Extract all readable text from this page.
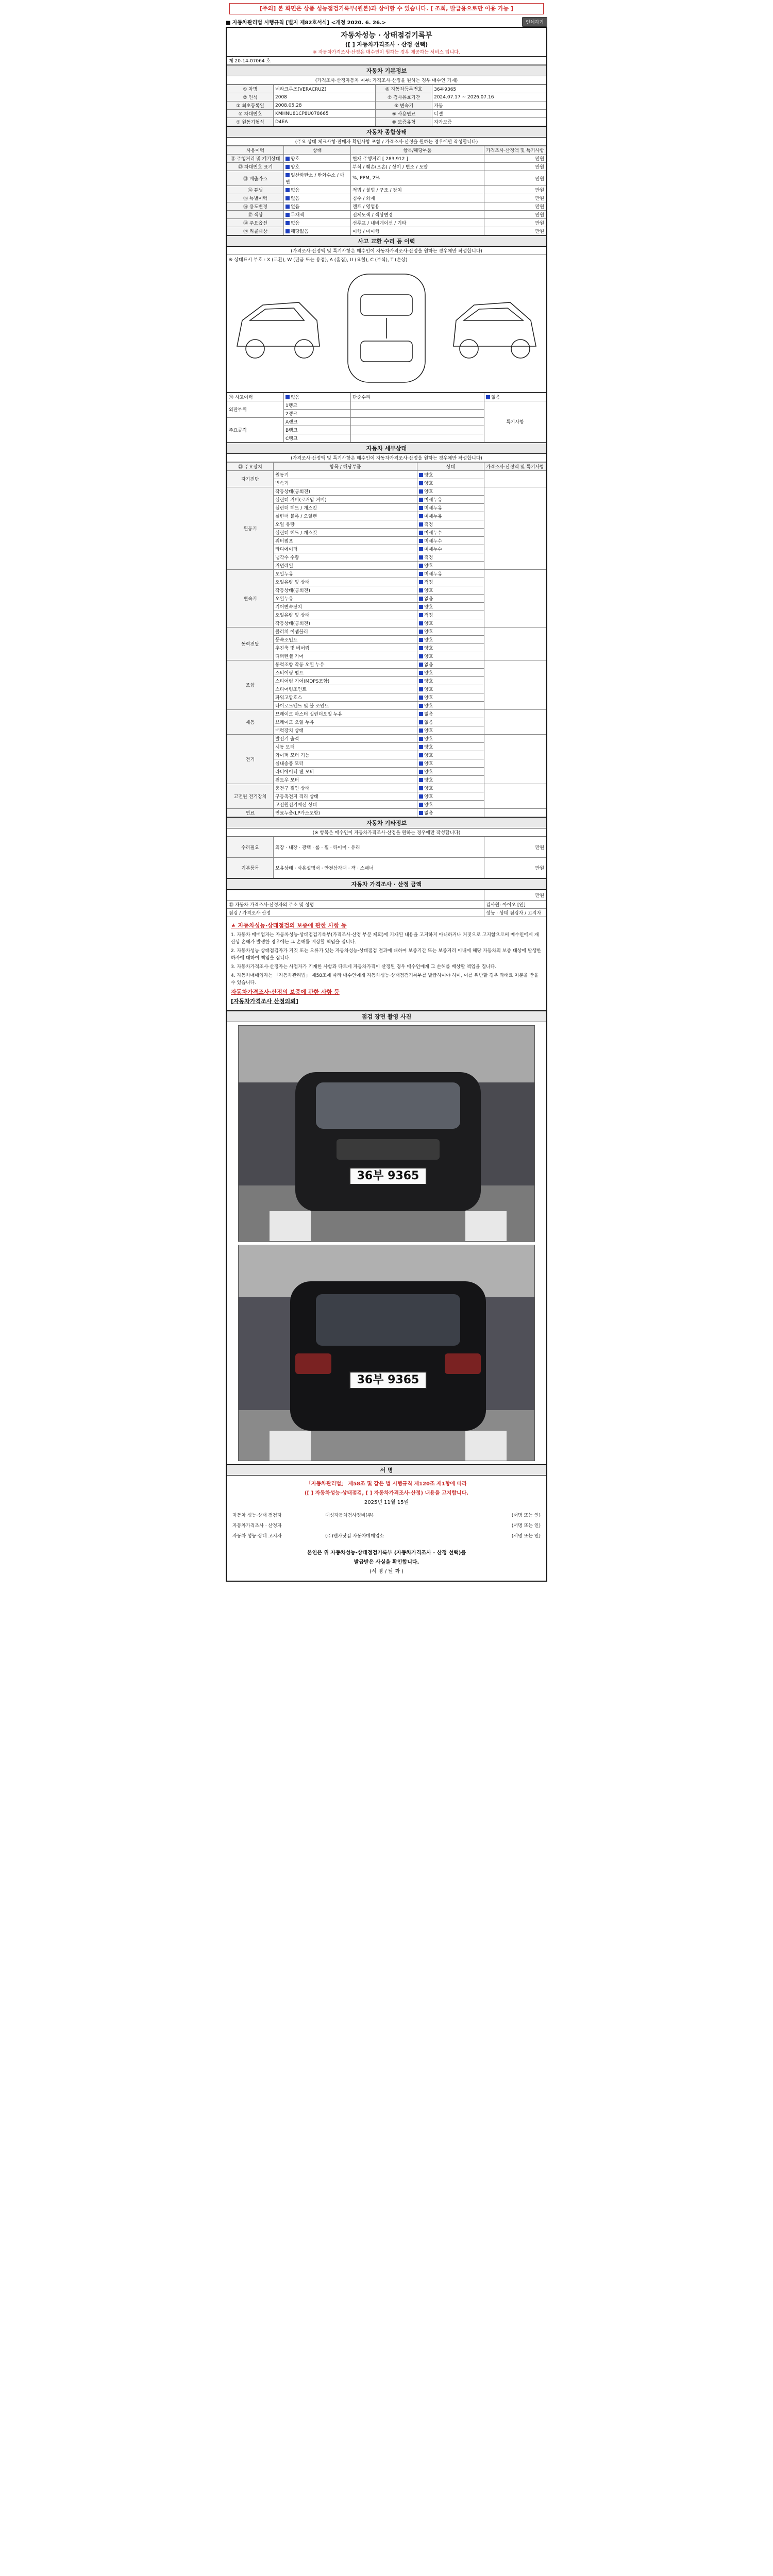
[주의] 본 화면은 상품 성능점검기록부(원본)과 상이할 수 있습니다. [ 조회, 발급용으로만 이용 가능 ]
■ 자동차관리법 시행규칙 [별지 제82호서식] <개정 2020. 6. 26.>	인쇄하기
자동차성능 · 상태점검기록부
([ ] 자동차가격조사 · 산정 선택)
※ 자동차가격조사·산정은 매수인이 원하는 경우 제공하는 서비스 입니다.
제 20-14-07064 호
자동차 기본정보
(가격조사·산정자동차 여부: 가격조사·산정을 원하는 경우 매수인 기재)
① 차명	베라크루즈(VERACRUZ)	⑥ 자동차등록번호	36부9365
② 연식	2008	⑦ 검사유효기간	2024.07.17 ~ 2026.07.16
③ 최초등록일	2008.05.28	⑧ 변속기	자동
④ 차대번호	KMHNU81CP8U078665	⑨ 사용연료	디젤
⑤ 원동기형식	D4EA	⑩ 보증유형	자가보증
자동차 종합상태
(주요 상태 체크사항·판매자 확인사항 포함 / 가격조사·산정을 원하는 경우에만 작성합니다)
사용이력	상태	항목/해당부품	가격조사·산정액 및 특기사항
⑪ 주행거리 및 계기상태	양호	현재 주행거리 [ 283,912 ]	만원
⑫ 차대번호 표기	양호	부식 / 훼손(오손) / 상이 / 변조 / 도말	만원
⑬ 배출가스	일산화탄소 / 탄화수소 / 매연	%, PPM, 2%	만원
⑭ 튜닝	없음	적법 / 불법 / 구조 / 장치	만원
⑮ 특별이력	없음	침수 / 화재	만원
⑯ 용도변경	없음	렌트 / 영업용	만원
⑰ 색상	무채색	전체도색 / 색상변경	만원
⑱ 주요옵션	없음	선루프 / 내비게이션 / 기타	만원
⑲ 리콜대상	해당없음	이행 / 미이행	만원
사고 교환 수리 등 이력
(가격조사·산정액 및 특기사항은 매수인이 자동차가격조사·산정을 원하는 경우에만 작성합니다)
※ 상태표시 부호 : X (교환), W (판금 또는 용접), A (흠집), U (요철), C (부식), T (손상)
⑳ 사고이력	없음	단순수리	없음
외판부위	1랭크		특기사항
	2랭크		
주요골격	A랭크		
	B랭크		
	C랭크		
자동차 세부상태
(가격조사·산정액 및 특기사항은 매수인이 자동차가격조사·산정을 원하는 경우에만 작성합니다)
㉒ 주요장치	항목 / 해당부품	상태	가격조사·산정액 및 특기사항
자기진단	원동기	양호	
	변속기	양호	
원동기	작동상태(공회전)	양호	
	실린더 커버(로커암 커버)	미세누유	
	실린더 헤드 / 개스킷	미세누유	
	실린더 블록 / 오일팬	미세누유	
	오일 유량	적정	
	실린더 헤드 / 개스킷	미세누수	
	워터펌프	미세누수	
	라디에이터	미세누수	
	냉각수 수량	적정	
	커먼레일	양호	
변속기	오일누유	미세누유	
	오일유량 및 상태	적정	
	작동상태(공회전)	양호	
	오일누유	없음	
	기어변속장치	양호	
	오일유량 및 상태	적정	
	작동상태(공회전)	양호	
동력전달	클러치 어셈블리	양호	
	등속조인트	양호	
	추진축 및 베어링	양호	
	디퍼렌셜 기어	양호	
조향	동력조향 작동 오일 누유	없음	
	스티어링 펌프	양호	
	스티어링 기어(MDPS포함)	양호	
	스티어링조인트	양호	
	파워고압호스	양호	
	타이로드엔드 및 볼 조인트	양호	
제동	브레이크 마스터 실린더오일 누유	없음	
	브레이크 오일 누유	없음	
	배력장치 상태	양호	
전기	발전기 출력	양호	
	시동 모터	양호	
	와이퍼 모터 기능	양호	
	실내송풍 모터	양호	
	라디에이터 팬 모터	양호	
	윈도우 모터	양호	
고전원 전기장치	충전구 절연 상태	양호	
	구동축전지 격리 상태	양호	
	고전원전기배선 상태	양호	
연료	연료누출(LP가스포함)	없음	
자동차 기타정보
(※ 항목은 매수인이 자동차가격조사·산정을 원하는 경우에만 작성합니다)
수리필요	외장 · 내장 · 광택 · 룸 · 휠 · 타이어 · 유리	만원
기본품목	보유상태 · 사용설명서 · 안전삼각대 · 잭 · 스패너	만원
자동차 가격조사 · 산정 금액
	만원
㉓ 자동차 가격조사·산정자의 주소 및 성명	검사원: 아이오 [인]
점검 / 가격조사·산정	성능 · 상태 점검자 / 고지자
★ 자동차성능·상태점검의 보증에 관한 사항 등

1. 자동차 매매업자는 자동차성능·상태점검기록부(가격조사·산정 부분 제외)에 기재된 내용을 고지하지 아니하거나 거짓으로 고지함으로써 매수인에게 재산상 손해가 발생한 경우에는 그 손해를 배상할 책임을 집니다.

2. 자동차성능·상태점검자가 거짓 또는 오류가 있는 자동차성능·상태점검 결과에 대하여 보증기간 또는 보증거리 이내에 해당 자동차의 보증 대상에 발생한 하자에 대하여 책임을 집니다.

3. 자동차가격조사·산정자는 사업자가 기재한 사항과 다르게 자동차가격이 산정된 경우 매수인에게 그 손해를 배상할 책임을 집니다.

4. 자동차매매업자는 「자동차관리법」 제58조에 따라 매수인에게 자동차성능·상태점검기록부를 발급하여야 하며, 이를 위반할 경우 과태료 처분을 받을 수 있습니다.

자동차가격조사·산정의 보증에 관한 사항 등
[자동차가격조사 산정의뢰]
점검 장면 촬영 사진
36부 9365
36부 9365
서 명
「자동차관리법」 제58조 및 같은 법 시행규칙 제120조 제1항에 따라
([ ] 자동차성능·상태점검, [ ] 자동차가격조사·산정) 내용을 고지합니다.
2025년 11월 15일
자동차 성능·상태 점검자	대성자동차검사정비(주)	(서명 또는 인)
자동차가격조사 · 산정자		(서명 또는 인)
자동차 성능·상태 고지자	(주)엔카닷컴 자동차매매업소	(서명 또는 인)
본인은 위 자동차성능·상태점검기록부 (자동차가격조사 · 산정 선택)를
발급받은 사실을 확인합니다.
(서 명 / 날 짜 )
